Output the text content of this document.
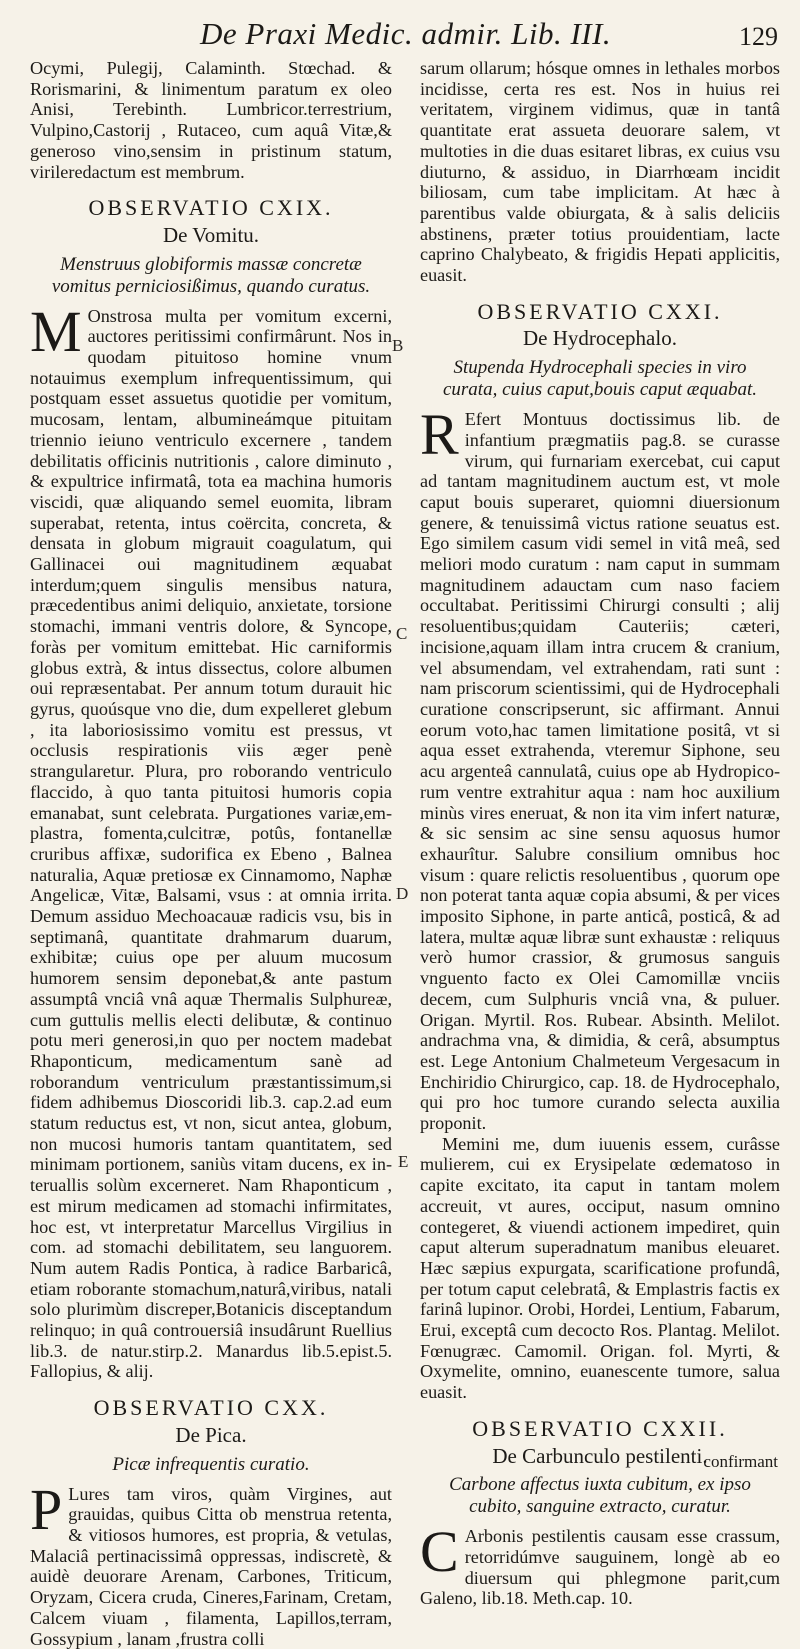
De Praxi Medic. admir. Lib. III.	129
B
C
D
E

Ocymi, Pulegij, Calaminth. Stœchad. & Rorismarini, & linimentum paratum ex oleo Anisi, Terebinth. Lumbricor.terrestrium, Vulpino,Castorij , Rutaceo, cum aquâ Vitæ,& generoso vino,sensim in pristinum statum, virileredactum est membrum.

OBSERVATIO CXIX.
De Vomitu.
Menstruus globiformis massæ concretæ vomitus perniciosißimus, quando curatus.

M Onstrosa multa per vomitum excerni, auctores peritissimi confirmârunt. Nos in quodam pituitoso homine vnum notauimus exemplum infrequentissimum, qui postquam esset assuetus quotidie per vomitum, mucosam, lentam, albumineámque pituitam triennio ieiuno ventriculo excernere , tandem debilitatis officinis nutritionis , calore diminuto , & expultrice infirmatâ, tota ea machina humoris viscidi, quæ aliquando semel euomita, libram superabat, retenta, intus coërcita, concreta, & densata in globum migrauit coagulatum, qui Gallinacei oui magnitudinem æquabat interdum;quem singulis mensibus natura, præcedentibus animi deliquio, anxietate, torsione stomachi, immani ventris dolore, & Syncope, foràs per vomitum emittebat. Hic carniformis globus extrà, & intus dissectus, colore albumen oui repræsentabat. Per annum totum durauit hic gyrus, quoúsque vno die, dum expelleret glebum , ita laboriosissimo vomitu est pressus, vt occlusis respirationis viis æger penè strangularetur. Plura, pro roborando ventriculo flaccido, à quo tanta pituitosi humoris copia emanabat, sunt celebrata. Purgationes variæ,emplastra, fomenta,culcitræ, potûs, fontanellæ cruribus affixæ, sudorifica ex Ebeno , Balnea naturalia, Aquæ pretiosæ ex Cinnamomo, Naphæ Angelicæ, Vitæ, Balsami, vsus : at omnia irrita. Demum assiduo Mechoacauæ radicis vsu, bis in septimanâ, quantitate drahmarum duarum, exhibitæ; cuius ope per aluum mucosum humorem sensim deponebat,& ante pastum assumptâ vnciâ vnâ aquæ Thermalis Sulphureæ, cum guttulis mellis electi delibutæ, & continuo potu meri generosi,in quo per noctem madebat Rhaponticum, medicamentum sanè ad roborandum ventriculum præstantissimum,si fidem adhibemus Dioscoridi lib.3. cap.2.ad eum statum reductus est, vt non, sicut antea, globum, non mucosi humoris tantam quantitatem, sed minimam portionem, saniùs vitam ducens, ex interuallis solùm excerneret. Nam Rhaponticum , est mirum medicamen ad stomachi infirmitates, hoc est, vt interpretatur Marcellus Virgilius in com. ad stomachi debilitatem, seu languorem. Num autem Radis Pontica, à radice Barbaricâ, etiam roborante stomachum,naturâ,viribus, natali solo plurimùm discreper,Botanicis disceptandum relinquo; in quâ controuersiâ insudârunt Ruellius lib.3. de natur.stirp.2. Manardus lib.5.epist.5. Fallopius, & alij.

OBSERVATIO CXX.
De Pica.
Picæ infrequentis curatio.

P Lures tam viros, quàm Virgines, aut grauidas, quibus Citta ob menstrua retenta, & vitiosos humores, est propria, & vetulas, Malaciâ pertinacissimâ oppressas, indiscretè, & auidè deuorare Arenam, Carbones, Triticum, Oryzam, Cicera cruda, Cineres,Farinam, Cretam, Calcem viuam , filamenta, Lapillos,terram, Gossypium , lanam ,frustra colli

sarum ollarum; hósque omnes in lethales morbos incidisse, certa res est. Nos in huius rei veritatem, virginem vidimus, quæ in tantâ quantitate erat assueta deuorare salem, vt multoties in die duas esitaret libras, ex cuius vsu diuturno, & assiduo, in Diarrhœam incidit biliosam, cum tabe implicitam. At hæc à parentibus valde obiurgata, & à salis deliciis abstinens, præter totius prouidentiam, lacte caprino Chalybeato, & frigidis Hepati applicitis, euasit.

OBSERVATIO CXXI.
De Hydrocephalo.
Stupenda Hydrocephali species in viro curata, cuius caput,bouis caput æquabat.

R Efert Montuus doctissimus lib. de infantium prægmatiis pag.8. se curasse virum, qui furnariam exercebat, cui caput ad tantam magnitudinem auctum est, vt mole caput bouis superaret, quiomni diuersionum genere, & tenuissimâ victus ratione seuatus est. Ego similem casum vidi semel in vitâ meâ, sed meliori modo curatum : nam caput in summam magnitudinem adauctam cum naso faciem occultabat. Peritissimi Chirurgi consulti ; alij resoluentibus;quidam Cauteriis; cæteri, incisione,aquam illam intra crucem & cranium, vel absumendam, vel extrahendam, rati sunt : nam priscorum scientissimi, qui de Hydrocephali curatione conscripserunt, sic affirmant. Annui eorum voto,hac tamen limitatione positâ, vt si aqua esset extrahenda, vteremur Siphone, seu acu argenteâ cannulatâ, cuius ope ab Hydropicorum ventre extrahitur aqua : nam hoc auxilium minùs vires eneruat, & non ita vim infert naturæ, & sic sensim ac sine sensu aquosus humor exhaurîtur. Salubre consilium omnibus hoc visum : quare relictis resoluentibus , quorum ope non poterat tanta aquæ copia absumi, & per vices imposito Siphone, in parte anticâ, posticâ, & ad latera, multæ aquæ libræ sunt exhaustæ : reliquus verò humor crassior, & grumosus sanguis vnguento facto ex Olei Camomillæ vnciis decem, cum Sulphuris vnciâ vna, & puluer. Origan. Myrtil. Ros. Rubear. Absinth. Melilot. andrachma vna, & dimidia, & cerâ, absumptus est. Lege Antonium Chalmeteum Vergesacum in Enchiridio Chirurgico, cap. 18. de Hydrocephalo, qui pro hoc tumore curando selecta auxilia proponit.

Memini me, dum iuuenis essem, curâsse mulierem, cui ex Erysipelate œdematoso in capite excitato, ita caput in tantam molem accreuit, vt aures, occiput, nasum omnino contegeret, & viuendi actionem impediret, quin caput alterum superadnatum manibus eleuaret. Hæc sæpius expurgata, scarificatione profundâ, per totum caput celebratâ, & Emplastris factis ex farinâ lupinor. Orobi, Hordei, Lentium, Fabarum, Erui, exceptâ cum decocto Ros. Plantag. Melilot. Fœnugræc. Camomil. Origan. fol. Myrti, & Oxymelite, omnino, euanescente tumore, salua euasit.

OBSERVATIO CXXII.
De Carbunculo pestilenti.
Carbone affectus iuxta cubitum, ex ipso cubito, sanguine extracto, curatur.

C Arbonis pestilentis causam esse crassum, retorridúmve sauguinem, longè ab eo diuersum qui phlegmone parit,cum Galeno, lib.18. Meth.cap. 10.

confirmant
